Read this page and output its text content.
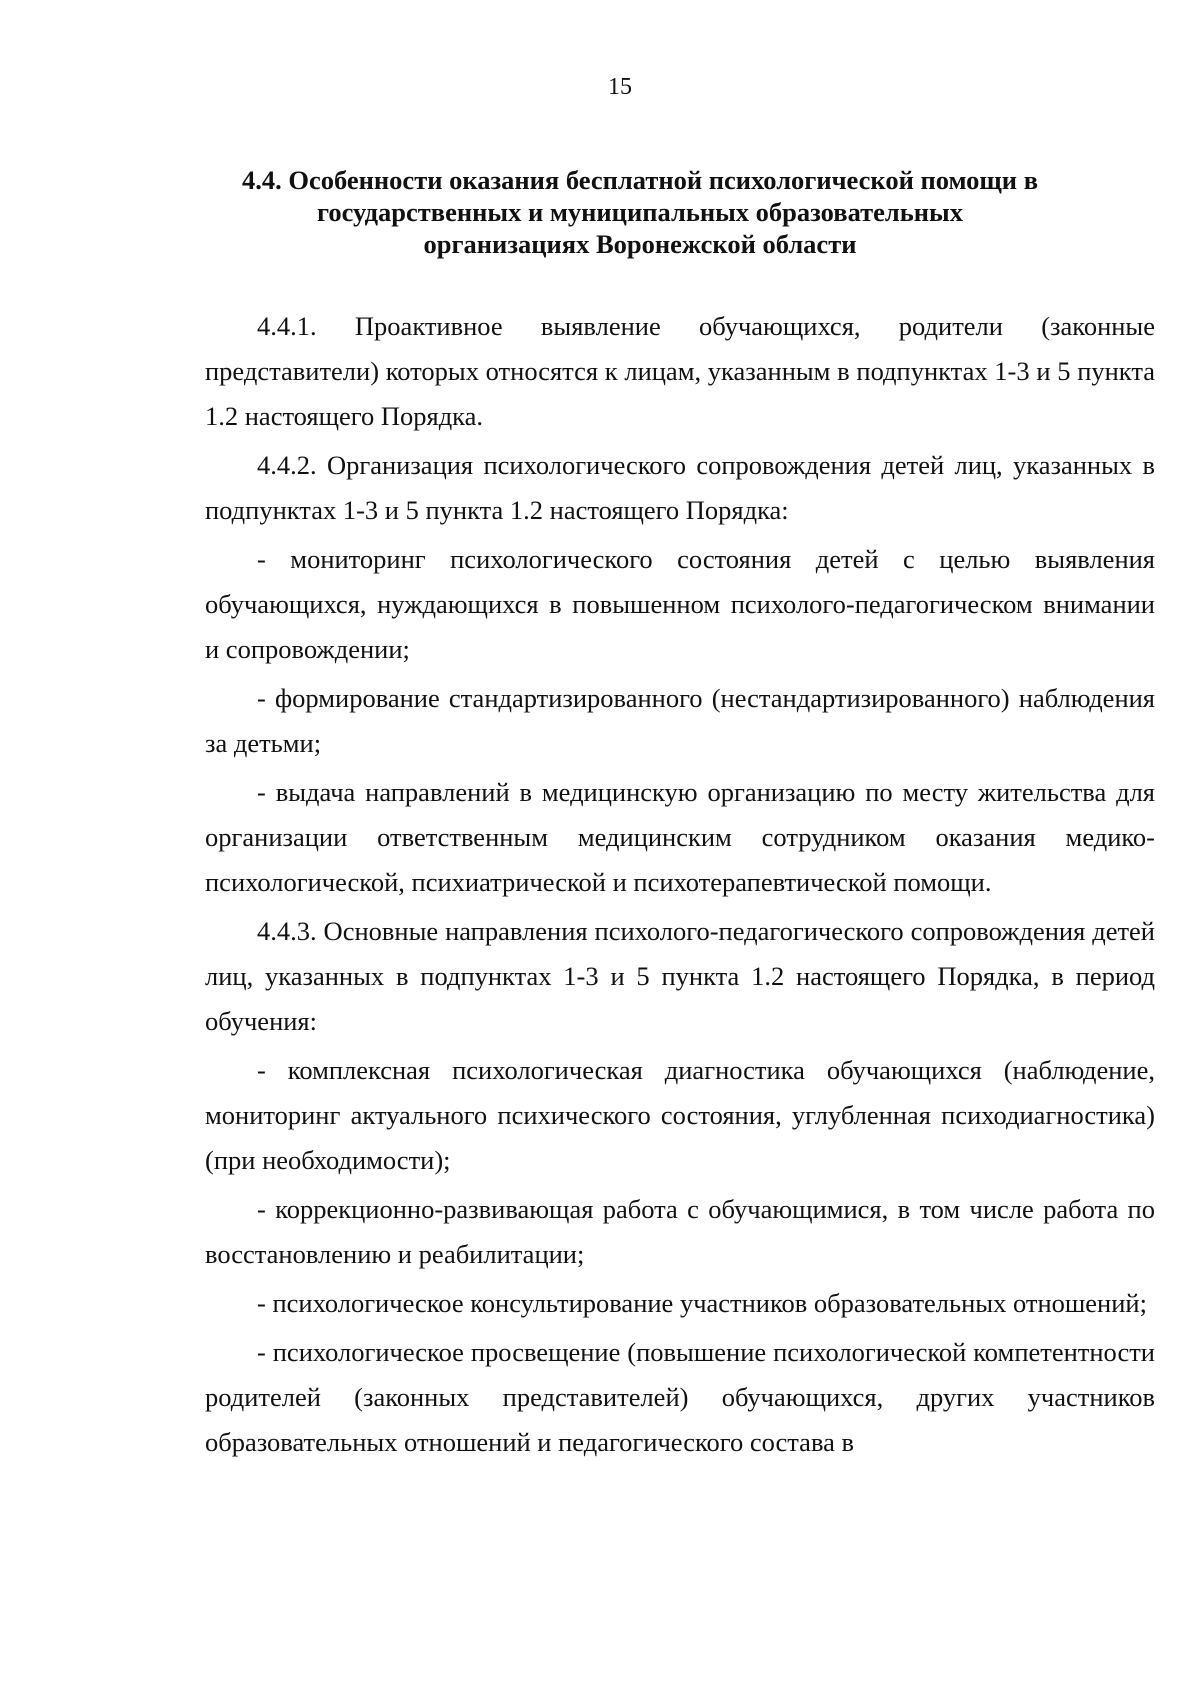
15
4.4. Особенности оказания бесплатной психологической помощи в
государственных и муниципальных образовательных
организациях Воронежской области

4.4.1. Проактивное выявление обучающихся, родители (законные представители) которых относятся к лицам, указанным в подпунктах 1-3 и 5 пункта 1.2 настоящего Порядка.

4.4.2. Организация психологического сопровождения детей лиц, указанных в подпунктах 1-3 и 5 пункта 1.2 настоящего Порядка:

- мониторинг психологического состояния детей с целью выявления обучающихся, нуждающихся в повышенном психолого-педагогическом внимании и сопровождении;

- формирование стандартизированного (нестандартизированного) наблюдения за детьми;

- выдача направлений в медицинскую организацию по месту жительства для организации ответственным медицинским сотрудником оказания медико-психологической, психиатрической и психотерапевтической помощи.

4.4.3. Основные направления психолого-педагогического сопровождения детей лиц, указанных в подпунктах 1-3 и 5 пункта 1.2 настоящего Порядка, в период обучения:

- комплексная психологическая диагностика обучающихся (наблюдение, мониторинг актуального психического состояния, углубленная психодиагностика) (при необходимости);

- коррекционно-развивающая работа с обучающимися, в том числе работа по восстановлению и реабилитации;

- психологическое консультирование участников образовательных отношений;

- психологическое просвещение (повышение психологической компетентности родителей (законных представителей) обучающихся, других участников образовательных отношений и педагогического состава в
